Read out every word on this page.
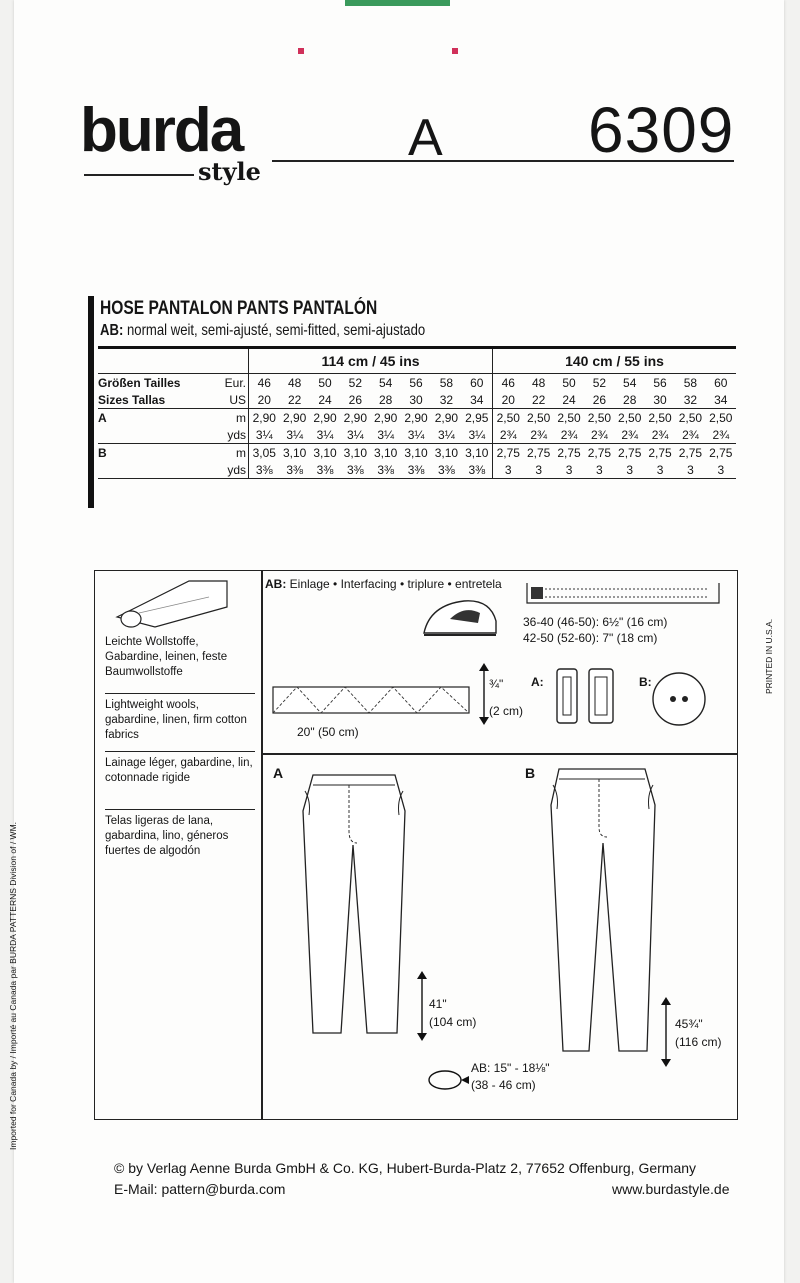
burda
style
A 6309
HOSE PANTALON PANTS PANTALÓN
AB: normal weit, semi-ajusté, semi-fitted, semi-ajustado
		114 cm / 45 ins								140 cm / 55 ins							
Größen Tailles	Eur.	46	48	50	52	54	56	58	60	46	48	50	52	54	56	58	60
Sizes Tallas	US	20	22	24	26	28	30	32	34	20	22	24	26	28	30	32	34
A	m	2,90	2,90	2,90	2,90	2,90	2,90	2,90	2,95	2,50	2,50	2,50	2,50	2,50	2,50	2,50	2,50
	yds	3¼	3¼	3¼	3¼	3¼	3¼	3¼	3¼	2¾	2¾	2¾	2¾	2¾	2¾	2¾	2¾
B	m	3,05	3,10	3,10	3,10	3,10	3,10	3,10	3,10	2,75	2,75	2,75	2,75	2,75	2,75	2,75	2,75
	yds	3⅜	3⅜	3⅜	3⅜	3⅜	3⅜	3⅜	3⅜	3	3	3	3	3	3	3	3
Leichte Wollstoffe, Gabardine, leinen, feste Baumwollstoffe
Lightweight wools, gabardine, linen, firm cotton fabrics
Lainage léger, gabardine, lin, cotonnade rigide
Telas ligeras de lana, gabardina, lino, géneros fuertes de algodón
AB: Einlage • Interfacing • triplure • entretela
¾"
(2 cm)
20" (50 cm)
36-40 (46-50): 6½" (16 cm)
42-50 (52-60): 7" (18 cm)
A:	B:
A	B
41"
(104 cm)	45¾"
(116 cm)
AB: 15" - 18⅛"
(38 - 46 cm)
Imported for Canada by / Importé au Canada par BURDA PATTERNS Division of / WM.
PRINTED IN U.S.A.
© by Verlag Aenne Burda GmbH & Co. KG, Hubert-Burda-Platz 2, 77652 Offenburg, Germany
E-Mail: pattern@burda.com	www.burdastyle.de
